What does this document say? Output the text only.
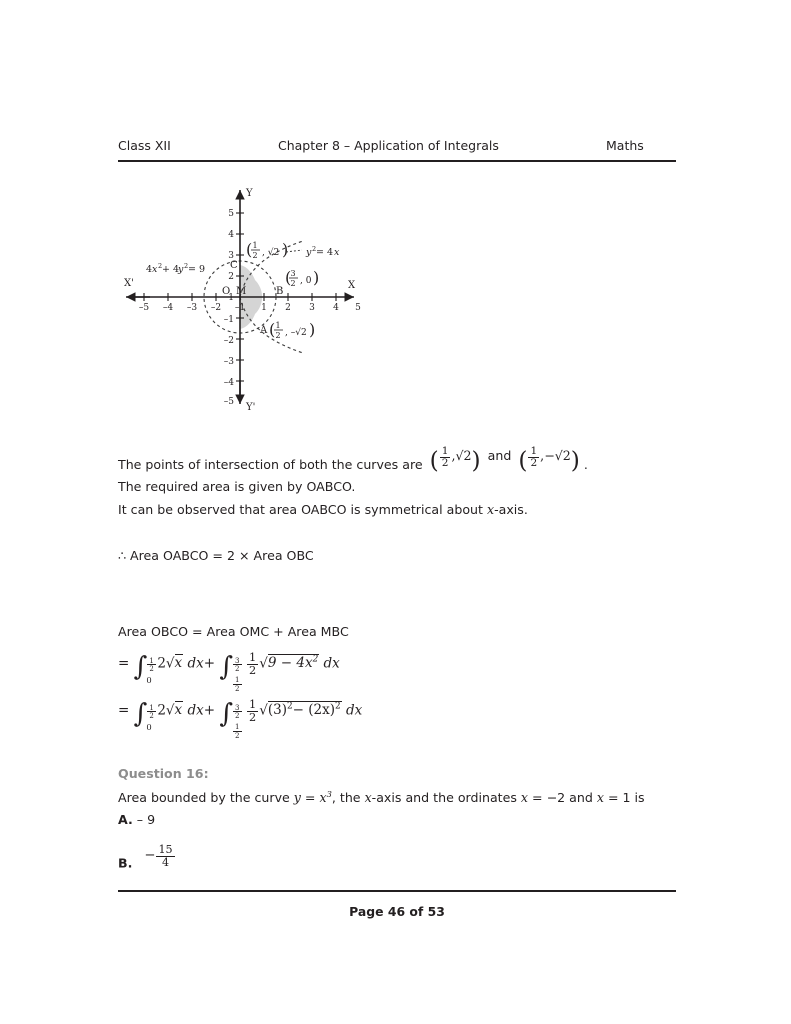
Class XII	Chapter 8 – Application of Integrals	Maths
X
X'
Y
Y'
–5 –4 –3 –2 –1 1 2 3 4 5
5
4
3
2
1
–1
–2
–3
–4
–5
O M	B
C
A
( 3
2 , 0 )
( 1
2 , √2 )
( 1
2 , –√2 )
y 2 = 4 x
4 x 2 + 4
y 2 = 9
The points of intersection of both the curves are ( $\frac{1}{2} ,√2$) and ( $\frac{1}{2} ,-√2$) .
The required area is given by OABCO.
It can be observed that area OABCO is symmetrical about x-axis.
∴ Area OABCO = 2 × Area OBC
Area OBCO = Area OMC + Area MBC
= ∫ $\frac{1}{2}$
0
2√x dx+ ∫ $\frac{3}{2}$
$\frac{1}{2}$
$\frac{1}{2} √9 - 4x^2$ dx
= ∫ $\frac{1}{2}$
0
2√x dx+ ∫ $\frac{3}{2}$
$\frac{1}{2}$
$\frac{1}{2} √(3)^2- (2x)^2$ dx
Question 16:
Area bounded by the curve $y = x^3$, the x-axis and the ordinates x = −2 and x = 1 is
A. – 9
B. − $\frac{15}{4}$
Page 46 of 53
